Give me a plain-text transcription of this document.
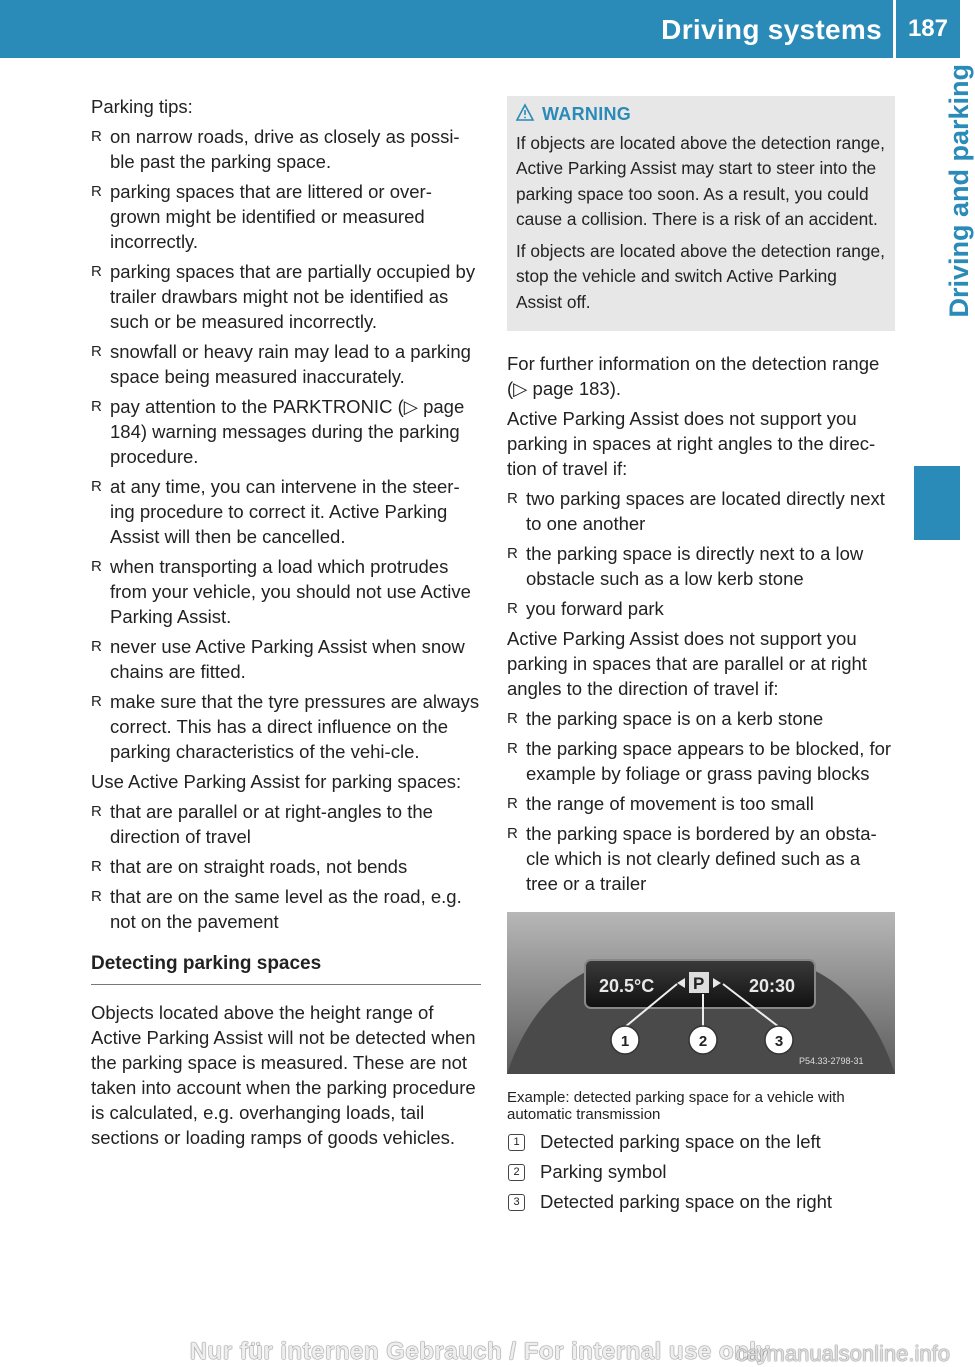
Driving systems 187
Driving and parking

Parking tips:

R on narrow roads, drive as closely as possi-ble past the parking space.
R parking spaces that are littered or over-grown might be identified or measured incorrectly.
R parking spaces that are partially occupied by trailer drawbars might not be identified as such or be measured incorrectly.
R snowfall or heavy rain may lead to a parking space being measured inaccurately.
R pay attention to the PARKTRONIC (▷ page 184) warning messages during the parking procedure.
R at any time, you can intervene in the steer-ing procedure to correct it. Active Parking Assist will then be cancelled.
R when transporting a load which protrudes from your vehicle, you should not use Active Parking Assist.
R never use Active Parking Assist when snow chains are fitted.
R make sure that the tyre pressures are always correct. This has a direct influence on the parking characteristics of the vehi-cle.

Use Active Parking Assist for parking spaces:

R that are parallel or at right-angles to the direction of travel
R that are on straight roads, not bends
R that are on the same level as the road, e.g. not on the pavement
Detecting parking spaces

Objects located above the height range of Active Parking Assist will not be detected when the parking space is measured. These are not taken into account when the parking procedure is calculated, e.g. overhanging loads, tail sections or loading ramps of goods vehicles.

WARNING

If objects are located above the detection range, Active Parking Assist may start to steer into the parking space too soon. As a result, you could cause a collision. There is a risk of an accident.

If objects are located above the detection range, stop the vehicle and switch Active Parking Assist off.

For further information on the detection range (▷ page 183).

Active Parking Assist does not support you parking in spaces at right angles to the direc-tion of travel if:

R two parking spaces are located directly next to one another
R the parking space is directly next to a low obstacle such as a low kerb stone
R you forward park

Active Parking Assist does not support you parking in spaces that are parallel or at right angles to the direction of travel if:

R the parking space is on a kerb stone
R the parking space appears to be blocked, for example by foliage or grass paving blocks
R the range of movement is too small
R the parking space is bordered by an obsta-cle which is not clearly defined such as a tree or a trailer
20.5°C P 20:30
1	2	3
P54.33-2798-31
Example: detected parking space for a vehicle with automatic transmission
1 Detected parking space on the left
2 Parking symbol
3 Detected parking space on the right
Nur für internen Gebrauch / For internal use only
carmanualsonline.info
